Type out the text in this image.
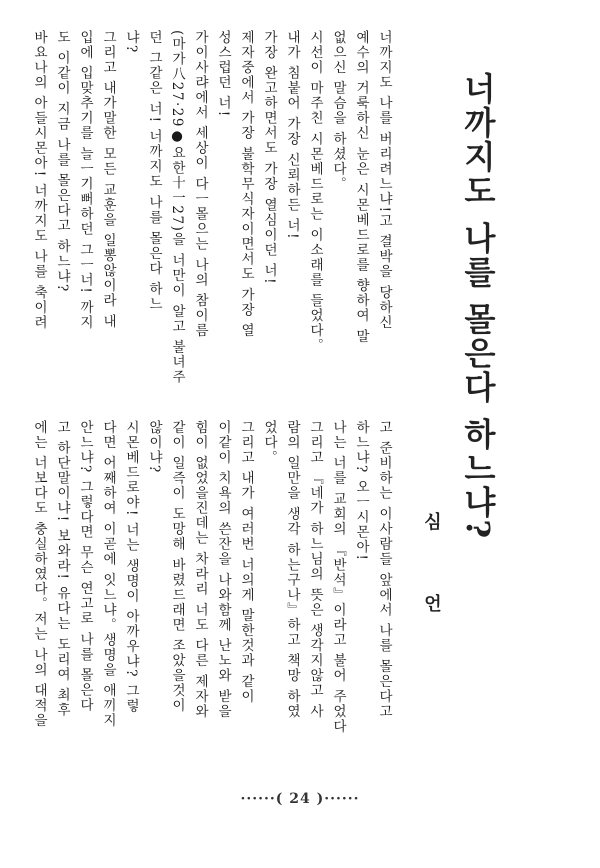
너까지도 나를 몰은다 하느냐?
심언
너까지도 나를 버리려느냐!고 결박을 당하신
예수의 거룩하신 눈은 시몬베드로를 향하여 말
없으신 말슴을 하셨다。
시선이 마주친 시몬베드로는 이소래를 들었다。
내가 침붙어 가장 신뢰하든 너!
가장 완고하면서도 가장 열심이던 너!
제자중에서 가장 불학무식자이면서도 가장 열
성스럽던 너!
가이사랴에서 세상이 다ㅡ몰으는 나의 참이름
(마가八27‧29●요한十一27)을 너만이 알고 불녀주
던 그같은 너! 너까지도 나를 몰은다 하느
냐?
그리고 내가말한 모든 교훈을 일뽕않이라 내
입에 입맞추기를 늘ㅡ기뻐하던 그ㅡ너! 까지
도 이같이 지금 나를 몰은다고 하느냐?
바요나의 아들시몬아! 너까지도 나를 축이려
고 준비하는 이사람들 앞에서 나를 몰은다고
하느냐? 오ㅡ시몬아!
나는 너를 교회의 『반석』이라고 불어 주었다
그리고 『네가 하느님의 뜻은 생각지않고 사
람의 일만을 생각 하는구나』하고 책망 하였
었다。
그리고 내가 여러번 너의게 말한것과 같이
이같이 치욕의 쓴잔을 나와함께 난노와 받을
힘이 없었을진데는 차라리 너도 다른 제자와
같이 일즉이 도망해 바렸드래면 조았을것이
않이냐?
시몬베드로야! 너는 생명이 아까우냐? 그렇
다면 어째하여 이곧에 잇느냐。생명을 애끼지
안느냐? 그렇다면 무슨 연고로 나를 몰은다
고 하단말이냐! 보와라! 유다는 도리여 최후
에는 너보다도 충실하였다。저는 나의 대적을
······( 24 )······
